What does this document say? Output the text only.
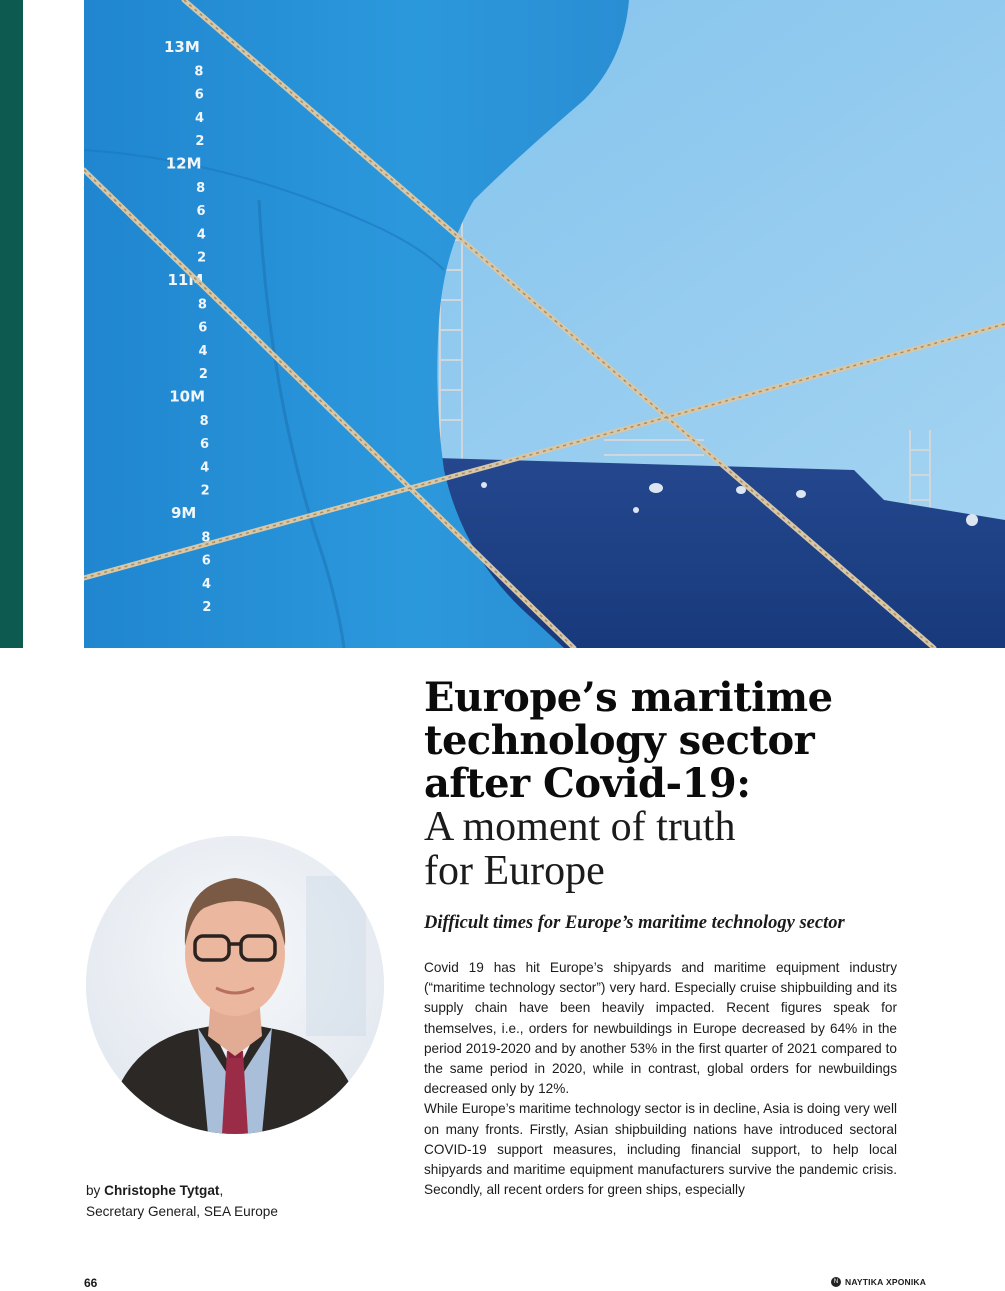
13M
8
6
4
2
12M
8
6
4
2
11M
8
6
4
2
10M
8
6
4
2
9M
8
6
4
2
Europe’s maritime
technology sector
after Covid-19:
A moment of truth
for Europe
Difficult times for Europe’s maritime technology sector

Covid 19 has hit Europe’s shipyards and maritime equipment industry (“maritime technology sector”) very hard. Especially cruise shipbuilding and its supply chain have been heavily impacted. Recent figures speak for themselves, i.e., orders for newbuildings in Europe decreased by 64% in the period 2019-2020 and by another 53% in the first quarter of 2021 compared to the same period in 2020, while in contrast, global orders for newbuildings decreased only by 12%.

While Europe’s maritime technology sector is in decline, Asia is doing very well on many fronts. Firstly, Asian shipbuilding nations have introduced sectoral COVID-19 support measures, including financial support, to help local shipyards and maritime equipment manufacturers survive the pandemic crisis. Secondly, all recent orders for green ships, especially

by Christophe Tytgat,
Secretary General, SEA Europe
66	N ΝΑΥΤΙΚΑ ΧΡΟΝΙΚΑ
